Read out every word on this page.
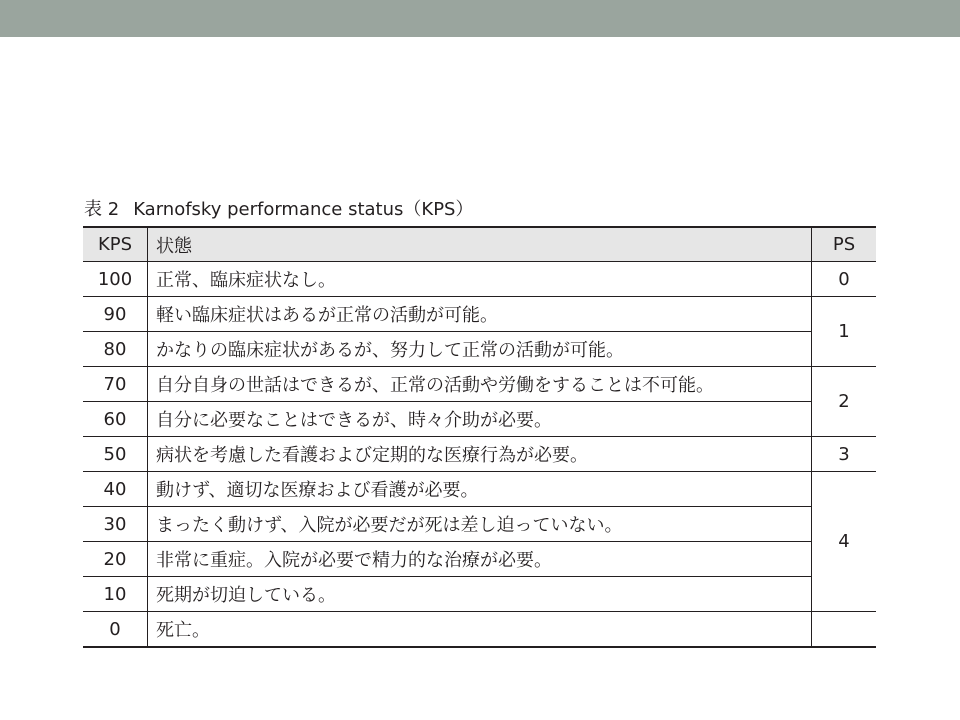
表 2 Karnofsky performance status（KPS）
KPS	状態	PS
100	正常、臨床症状なし。	0
90	軽い臨床症状はあるが正常の活動が可能。	1
80	かなりの臨床症状があるが、努力して正常の活動が可能。	
70	自分自身の世話はできるが、正常の活動や労働をすることは不可能。	2
60	自分に必要なことはできるが、時々介助が必要。	
50	病状を考慮した看護および定期的な医療行為が必要。	3
40	動けず、適切な医療および看護が必要。	4
30	まったく動けず、入院が必要だが死は差し迫っていない。	
20	非常に重症。入院が必要で精力的な治療が必要。	
10	死期が切迫している。	
0	死亡。	
